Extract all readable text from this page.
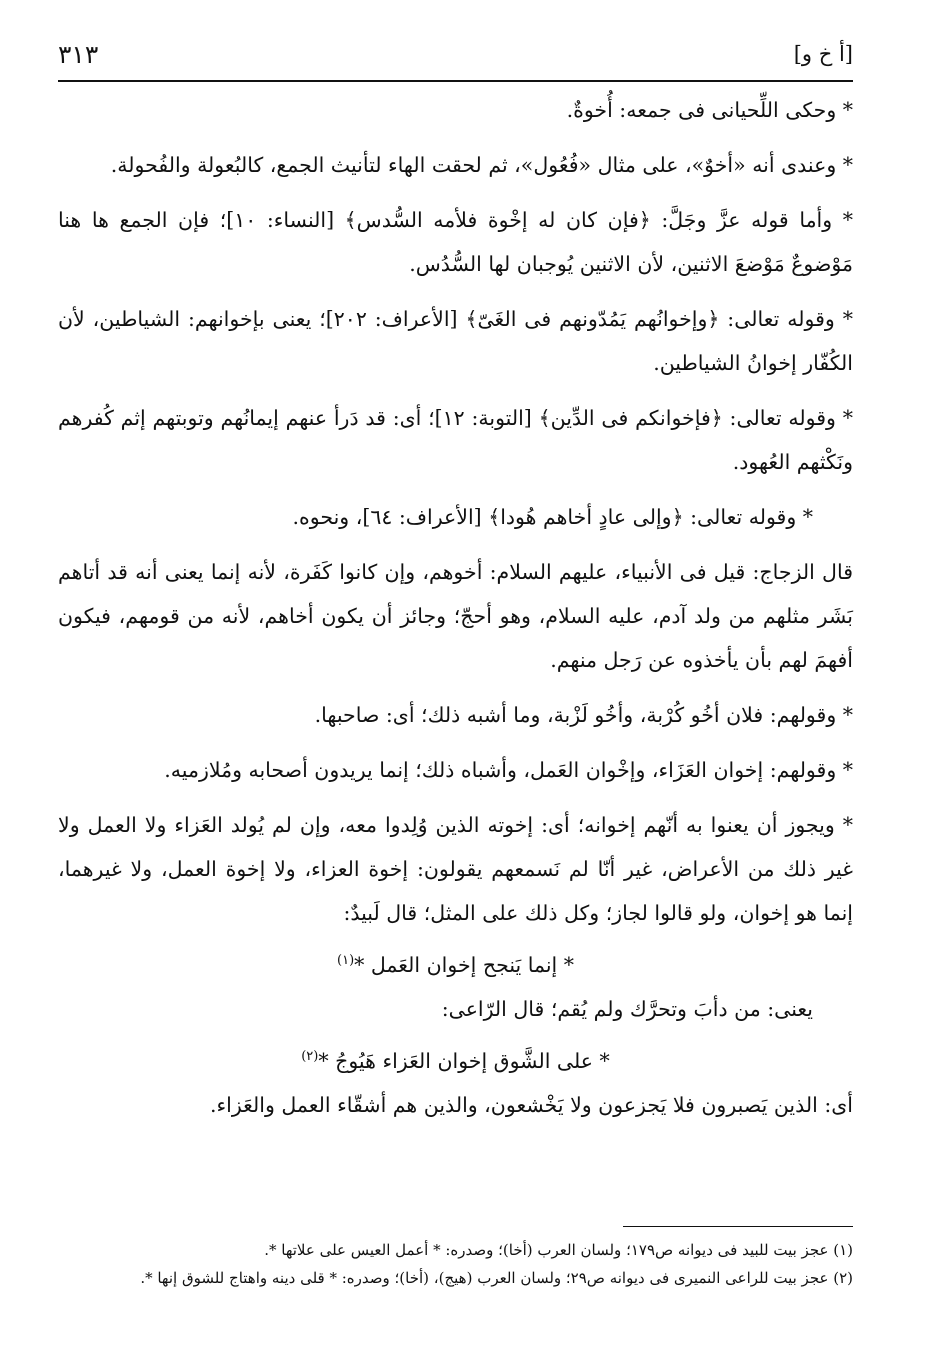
[أ خ و]
٣١٣

* وحكى اللِّحيانى فى جمعه: أُخوةٌ.

* وعندى أنه «أخوٌ»، على مثال «فُعُول»، ثم لحقت الهاء لتأنيث الجمع، كالبُعولة والفُحولة.

* وأما قوله عزَّ وجَلَّ: ﴿فإن كان له إخْوة فلأمه السُّدس﴾ [النساء: ١٠]؛ فإن الجمع ها هنا مَوْضوعٌ مَوْضعَ الاثنين، لأن الاثنين يُوجبان لها السُّدُس.

* وقوله تعالى: ﴿وإخوانُهم يَمُدّونهم فى الغَىّ﴾ [الأعراف: ٢٠٢]؛ يعنى بإخوانهم: الشياطين، لأن الكُفّار إخوانُ الشياطين.

* وقوله تعالى: ﴿فإخوانكم فى الدِّين﴾ [التوبة: ١٢]؛ أى: قد دَرأ عنهم إيمانُهم وتوبتهم إثم كُفرهم ونَكْثهم العُهود.

* وقوله تعالى: ﴿وإلى عادٍ أخاهم هُودا﴾ [الأعراف: ٦٤]، ونحوه.

قال الزجاج: قيل فى الأنبياء، عليهم السلام: أخوهم، وإن كانوا كَفَرة، لأنه إنما يعنى أنه قد أتاهم بَشَر مثلهم من ولد آدم، عليه السلام، وهو أحجّ؛ وجائز أن يكون أخاهم، لأنه من قومهم، فيكون أفهمَ لهم بأن يأخذوه عن رَجل منهم.

* وقولهم: فلان أخُو كُرْبة، وأخُو لَزْبة، وما أشبه ذلك؛ أى: صاحبها.

* وقولهم: إخوان العَزَاء، وإخْوان العَمل، وأشباه ذلك؛ إنما يريدون أصحابه ومُلازميه.

* ويجوز أن يعنوا به أنّهم إخوانه؛ أى: إخوته الذين وُلِدوا معه، وإن لم يُولد العَزاء ولا العمل ولا غير ذلك من الأعراض، غير أنّا لم نَسمعهم يقولون: إخوة العزاء، ولا إخوة العمل، ولا غيرهما، إنما هو إخوان، ولو قالوا لجاز؛ وكل ذلك على المثل؛ قال لَبيدٌ:

* إنما يَنجح إخوان العَمل *$^{(١)}$

يعنى: من دأبَ وتحرَّك ولم يُقم؛ قال الرّاعى:

* على الشَّوق إخوان العَزاء هَيُوجُ *$^{(٢)}$

أى: الذين يَصبرون فلا يَجزعون ولا يَخْشعون، والذين هم أشقّاء العمل والعَزاء.

(١) عجز بيت للبيد فى ديوانه ص١٧٩؛ ولسان العرب (أخا)؛ وصدره: * أعمل العيس على علاتها *.

(٢) عجز بيت للراعى النميرى فى ديوانه ص٢٩؛ ولسان العرب (هيج)، (أخا)؛ وصدره: * قلى دينه واهتاج للشوق إنها *.
